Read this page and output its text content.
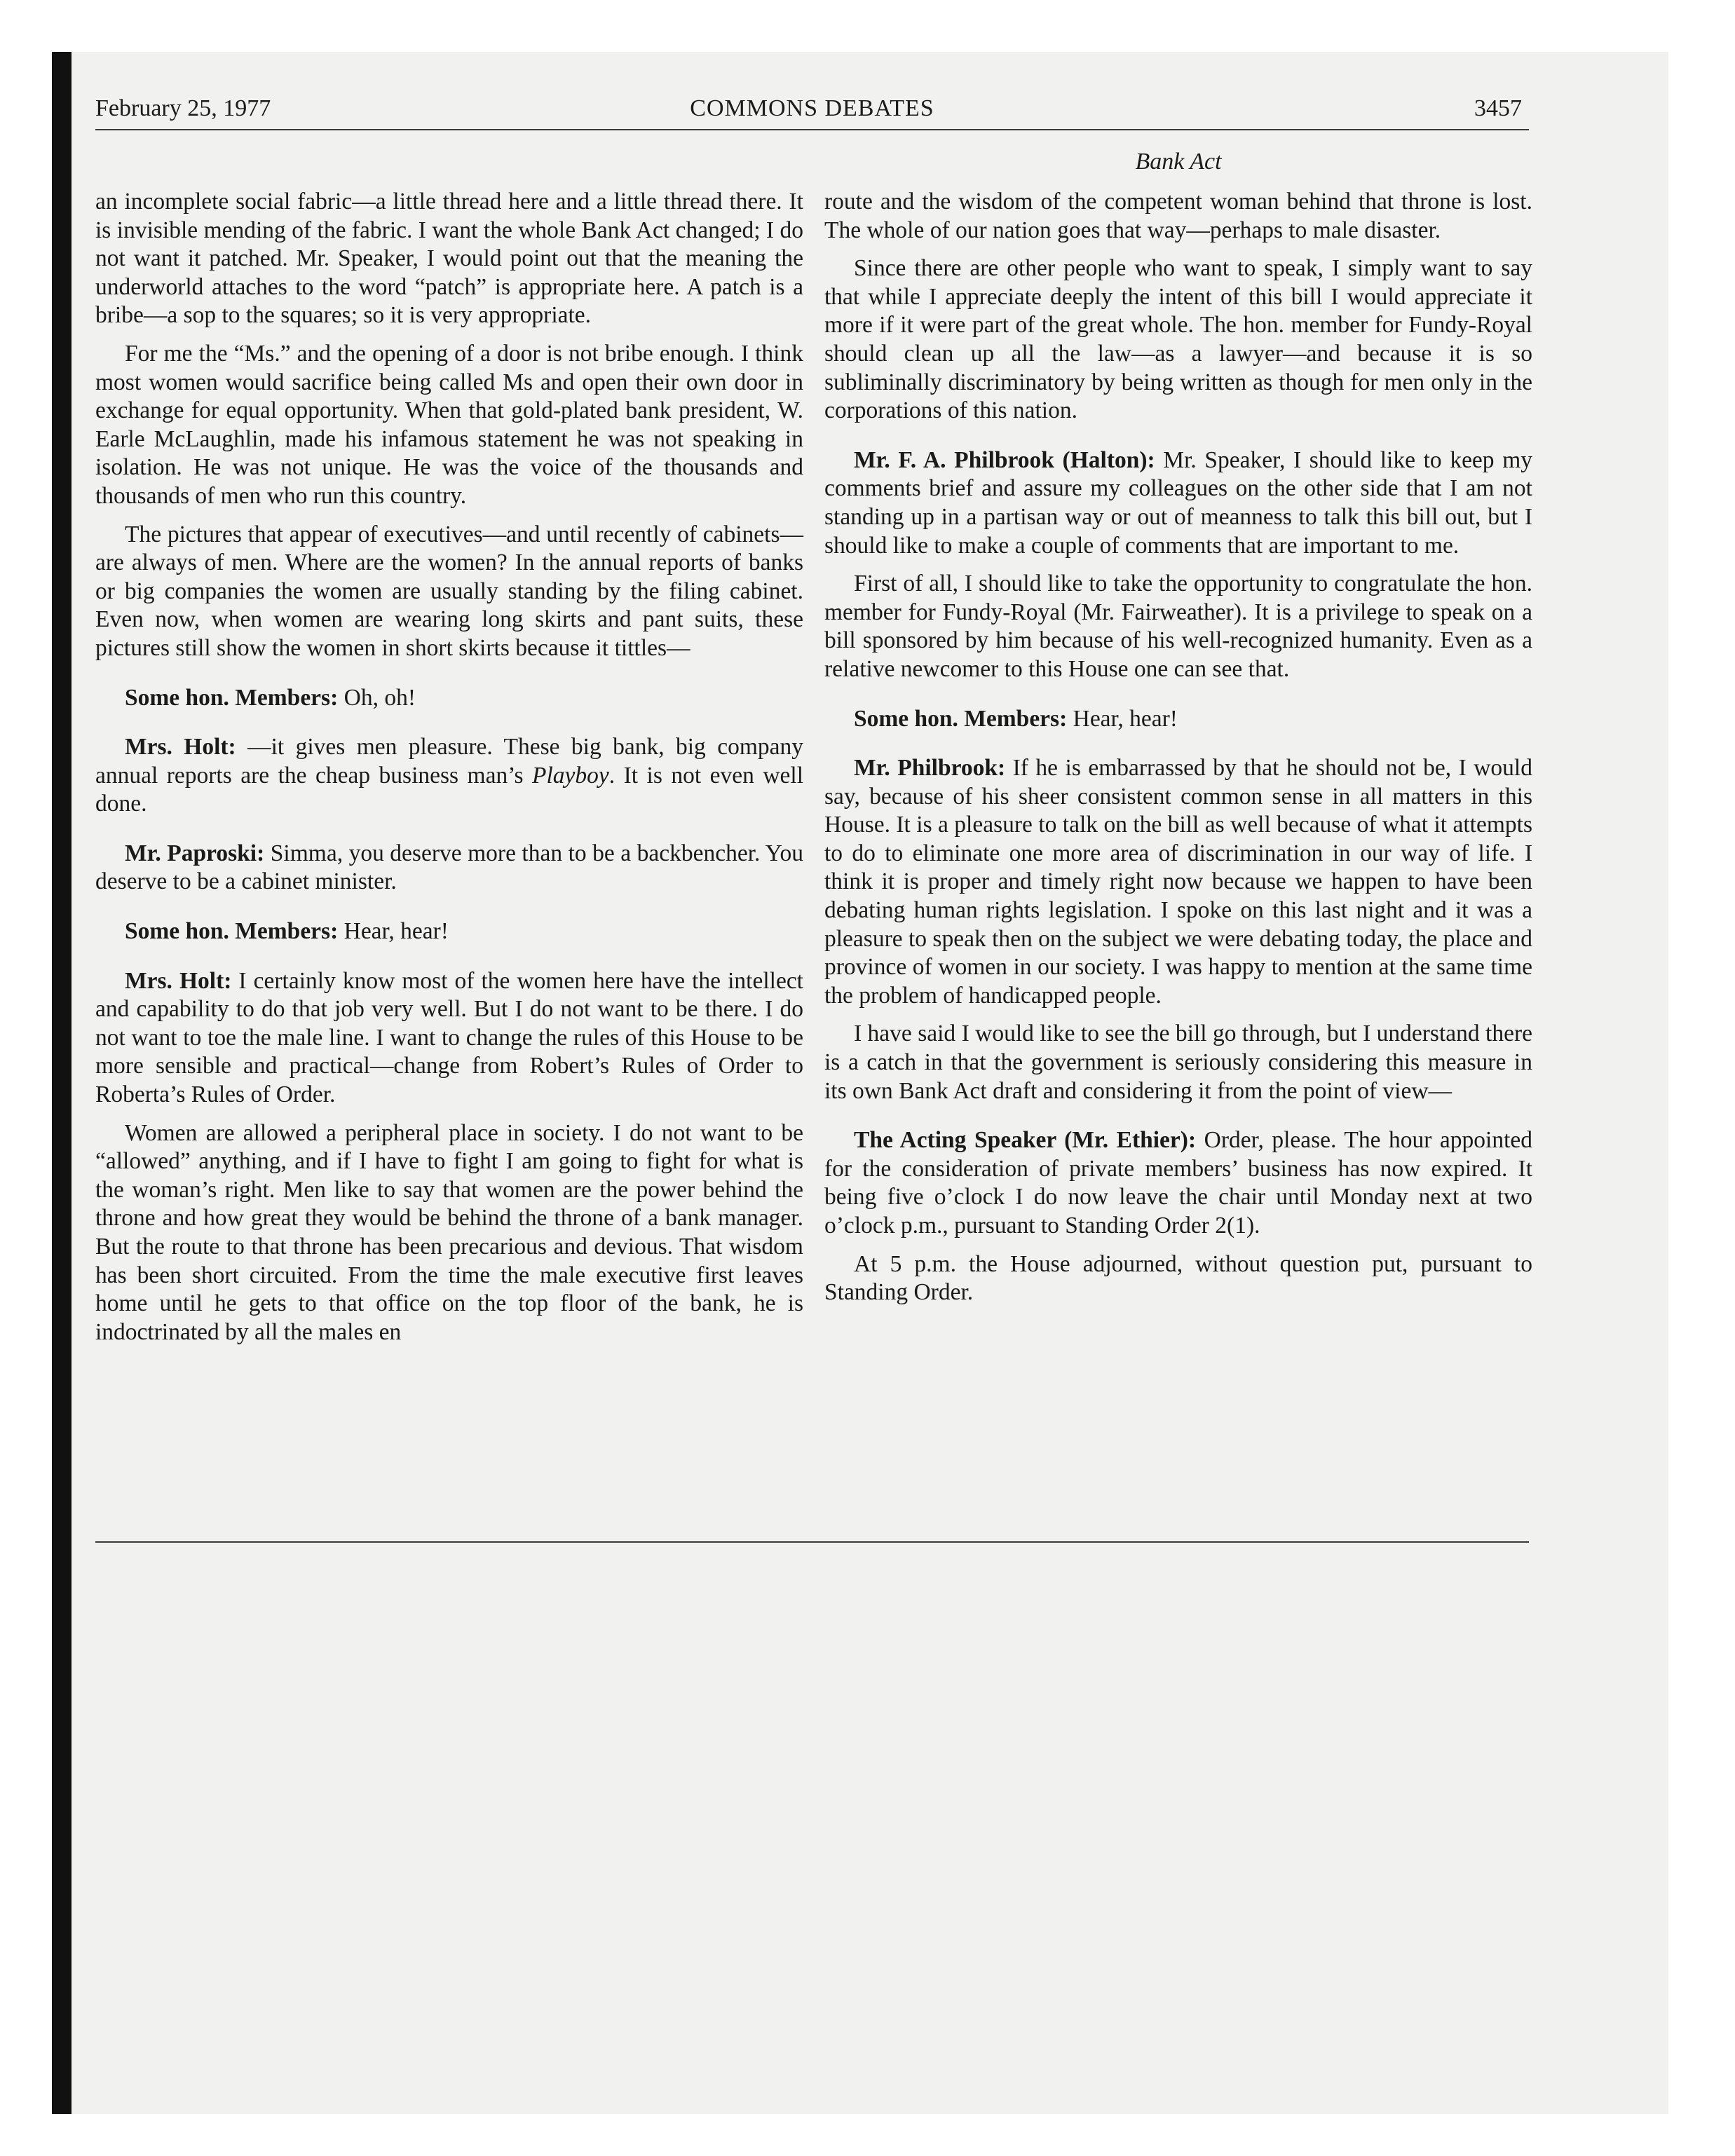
February 25, 1977	COMMONS DEBATES	3457
Bank Act

an incomplete social fabric—a little thread here and a little thread there. It is invisible mending of the fabric. I want the whole Bank Act changed; I do not want it patched. Mr. Speaker, I would point out that the meaning the underworld attaches to the word “patch” is appropriate here. A patch is a bribe—a sop to the squares; so it is very appropriate.

For me the “Ms.” and the opening of a door is not bribe enough. I think most women would sacrifice being called Ms and open their own door in exchange for equal opportunity. When that gold-plated bank president, W. Earle McLaughlin, made his infamous statement he was not speaking in isolation. He was not unique. He was the voice of the thousands and thousands of men who run this country.

The pictures that appear of executives—and until recently of cabinets—are always of men. Where are the women? In the annual reports of banks or big companies the women are usually standing by the filing cabinet. Even now, when women are wearing long skirts and pant suits, these pictures still show the women in short skirts because it tittles—

Some hon. Members: Oh, oh!

Mrs. Holt: —it gives men pleasure. These big bank, big company annual reports are the cheap business man’s Playboy. It is not even well done.

Mr. Paproski: Simma, you deserve more than to be a backbencher. You deserve to be a cabinet minister.

Some hon. Members: Hear, hear!

Mrs. Holt: I certainly know most of the women here have the intellect and capability to do that job very well. But I do not want to be there. I do not want to toe the male line. I want to change the rules of this House to be more sensible and practical—change from Robert’s Rules of Order to Roberta’s Rules of Order.

Women are allowed a peripheral place in society. I do not want to be “allowed” anything, and if I have to fight I am going to fight for what is the woman’s right. Men like to say that women are the power behind the throne and how great they would be behind the throne of a bank manager. But the route to that throne has been precarious and devious. That wisdom has been short circuited. From the time the male executive first leaves home until he gets to that office on the top floor of the bank, he is indoctrinated by all the males en

route and the wisdom of the competent woman behind that throne is lost. The whole of our nation goes that way—perhaps to male disaster.

Since there are other people who want to speak, I simply want to say that while I appreciate deeply the intent of this bill I would appreciate it more if it were part of the great whole. The hon. member for Fundy-Royal should clean up all the law—as a lawyer—and because it is so subliminally discriminatory by being written as though for men only in the corporations of this nation.

Mr. F. A. Philbrook (Halton): Mr. Speaker, I should like to keep my comments brief and assure my colleagues on the other side that I am not standing up in a partisan way or out of meanness to talk this bill out, but I should like to make a couple of comments that are important to me.

First of all, I should like to take the opportunity to congratulate the hon. member for Fundy-Royal (Mr. Fairweather). It is a privilege to speak on a bill sponsored by him because of his well-recognized humanity. Even as a relative newcomer to this House one can see that.

Some hon. Members: Hear, hear!

Mr. Philbrook: If he is embarrassed by that he should not be, I would say, because of his sheer consistent common sense in all matters in this House. It is a pleasure to talk on the bill as well because of what it attempts to do to eliminate one more area of discrimination in our way of life. I think it is proper and timely right now because we happen to have been debating human rights legislation. I spoke on this last night and it was a pleasure to speak then on the subject we were debating today, the place and province of women in our society. I was happy to mention at the same time the problem of handicapped people.

I have said I would like to see the bill go through, but I understand there is a catch in that the government is seriously considering this measure in its own Bank Act draft and considering it from the point of view—

The Acting Speaker (Mr. Ethier): Order, please. The hour appointed for the consideration of private members’ business has now expired. It being five o’clock I do now leave the chair until Monday next at two o’clock p.m., pursuant to Standing Order 2(1).

At 5 p.m. the House adjourned, without question put, pursuant to Standing Order.
